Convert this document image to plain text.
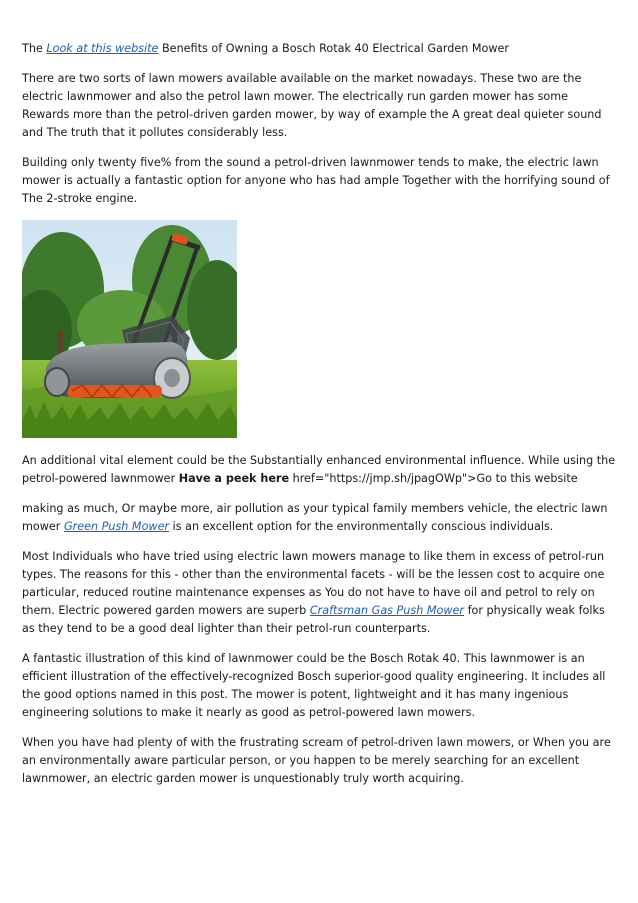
The Look at this website Benefits of Owning a Bosch Rotak 40 Electrical Garden Mower

There are two sorts of lawn mowers available available on the market nowadays. These two are the electric lawnmower and also the petrol lawn mower. The electrically run garden mower has some Rewards more than the petrol-driven garden mower, by way of example the A great deal quieter sound and The truth that it pollutes considerably less.

Building only twenty five% from the sound a petrol-driven lawnmower tends to make, the electric lawn mower is actually a fantastic option for anyone who has had ample Together with the horrifying sound of The 2-stroke engine.

An additional vital element could be the Substantially enhanced environmental influence. While using the petrol-powered lawnmower Have a peek here href="https://jmp.sh/jpagOWp">Go to this website

making as much, Or maybe more, air pollution as your typical family members vehicle, the electric lawn mower Green Push Mower is an excellent option for the environmentally conscious individuals.

Most Individuals who have tried using electric lawn mowers manage to like them in excess of petrol-run types. The reasons for this - other than the environmental facets - will be the lessen cost to acquire one particular, reduced routine maintenance expenses as You do not have to have oil and petrol to rely on them. Electric powered garden mowers are superb Craftsman Gas Push Mower for physically weak folks as they tend to be a good deal lighter than their petrol-run counterparts.

A fantastic illustration of this kind of lawnmower could be the Bosch Rotak 40. This lawnmower is an efficient illustration of the effectively-recognized Bosch superior-good quality engineering. It includes all the good options named in this post. The mower is potent, lightweight and it has many ingenious engineering solutions to make it nearly as good as petrol-powered lawn mowers.

When you have had plenty of with the frustrating scream of petrol-driven lawn mowers, or When you are an environmentally aware particular person, or you happen to be merely searching for an excellent lawnmower, an electric garden mower is unquestionably truly worth acquiring.
